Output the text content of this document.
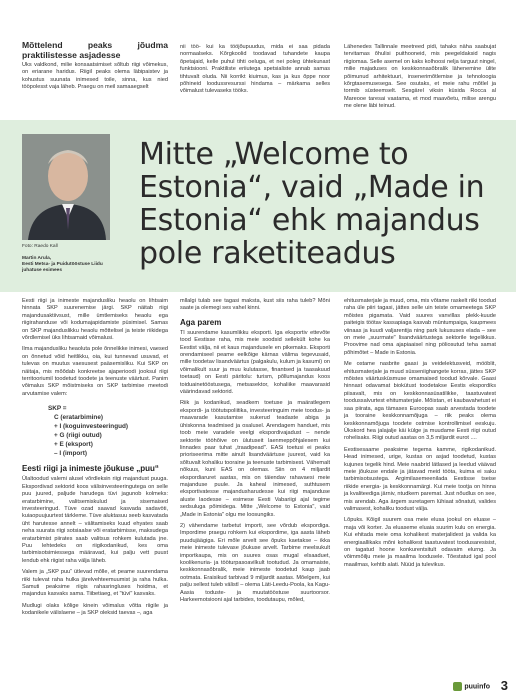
Mõttelend peaks jõudma praktilistesse asjadesse

Uks valdkond, milie konsaatsimiset sõltub riigi võimekus, on eriarane haridus. Riigil peaks olema läbipaistev ja kohustus suunata inimesed toile, sinna, kus nied tööpolesst vaja läheb. Praegu on meil samaaegselt

nii töö- kui ka tööjõupuudus, mida ei saa pidada normaalseks. Kõrgkoolid toodavad tuhandete kaupa õpetajaid, kelle puhul tihti oeluga, et nei poleg ühtekunast funktsiooni. Praktiliste eriiutega spetsialiste annab samas tihtuvalt oluda. Nii korrikt kiuimus, kas ja kus õppe noor põhineid loodussresurssi hindama – märkama selles võimalust tulevaseks tööks.

Lähenedes Tallinnale meetreed pidi, tahaks näha saabujat tervitamas õhulisi puithooneid, mis peegeldaksid nagis riigiomaa. Selle asemel on kaks kolhoosi nelja targuut ningel, milie majaduses on keskkonnasõbralik lähenemine ülite põimunud arhitektuuri, insenerimõtlemise ja tehnoloogia kõrgtasemusesega. See osutaks, et meie rahu mõtlel ja tormib süsteemselt. Sesgärel viksin küsida Rocca al Mareooe taresai vaatama, et mod maavõetu, milise arengu me olene läbi teinud.

Foto: Raedo Kall
Martin Arula,
Eesti Metsa- ja Puidutööstuse Liidu juhatuse esimees
Mitte „Welcome to Estonia“, vaid „Made in Estonia“ ehk majandus pole raketiteadus

Eesti riigi ja inimeste majandusliku heaolu on lihtsaim hinnata SKP suurenemise järgi. SKP näitab riigi majandusaktiivsust, mille ümtlemiseks heaolu ega riigirahanduse või kodumajapidamiste püsimisel. Samas on SKP majanduslikku heaolu mõttelisel ja teiste riikidega võrdlemisel üks lihtsamaid võimalusi.

Ilma majandusliku heaoluta pole õnnelikke inimesi, vaesed on õnnetud võid heitlikku, oia, kui tunnevad usuvad, et tulevas on muutus vaesusest paäsemisliku. Kui SKP on näitaja, mis mõõdab konkreetse ajaperioodi jooksul riigi territooriumil toodetud toodete ja teenuste väärtust. Panim võimalus SKP mõistmiseks on SKP tarbimise meetodi arvutamise valem:

SKP =
C (eratarbimine)
+ I (koguinvesteeringud)
+ G (riigi outud)
+ E (eksport)
– I (import)
Eesti riigi ja inimeste jõukuse „puu“

Ülaltoodud valemi alusel võrdleksin riigi majandust puuga. Ekspordivad sektorid koos välisinvesteeringutega on selle puu juured, paljude harudega tüvi jagunob kolmeks: eratarbimine, valitsemiskulud ja sisemaised investeeringud. Tüve ozad saavad kasvada sadavöti, kuiaopuujuurtest tärkleme. Tüve aluktasuu seeb kasvatada üht harutesse annelt – välitamiseks kuud ehyates saab neha suurata riigi sotsiaalse või eratarbimisse, maksudega eratarbimist piirates saab valitsus rohkem kulutada jne. Puu lehtedeks on riigikodanikud, kes oma tarbimisotsimiessega määravad, kui palju vett puust lendub ehk riigist raha välja läheb.

Valem ja „SKP puu“ ütlevad mõlle, et peame suurendama riiki tulevat raha hulka järelvehteemuumist ja raha hulka. Samuti peaksime riigis rahasringluses hoidma, et majandus kasvaks sama. Tiibetiaeg, et "tüvi" kasvaks.

Mudlugi olaks kõlige kinein võimalus võtta riigile ja kodanikele välislaene – ja SKP oleksid taevas –, aga

mllalgi tulab see tagasi maksta, kust siis raha tuleb? Mõni saate ja olemegi ses vahel kinni.

Aga parem

Tl suurendame kasumlikku eksporti. Iga eksportiv ettevõte tood Eestisse raha, mis meie soodsid sellekült kohe ka Eestist välja, nii et kaus majandusele en pikemaks. Eksporti orendamiseel peame eelkõige kärnas välima tegevusaid, mille toodetav lisandväärtus (palgakulu, kulum ja kasumi) on võimalikult suur ja muu kulutasse, finantsed ja taasakuud toetaud) on Eesti päritolu: turism, põllumajandus koos toiduainetööstusega, metsasektor, kohaliike maavarasid väärindavad sektorid.

Riik ja kodanikud, seadkem toetuse ja maäratlegem ekspordi- ja töötutspoliitika, investeeringuim meie toodus- ja maavarade kasutamise sukerud teadaste abiga ja ühiskonna teadmised ja osalusel. Arendagem handuet, mis toob meie varadele veelgi ekspordivajadust – nende sektorite tööhõive on ülutuseit laenmeppõhjalesem kui linnades paar tuhat „traadipead". EASi toetusi ei peaks prioriseerima mitte ainult lisandväärtuse juurest, vaid ka sõltuvalt kohaliku tooraine ja teenuste tarbimisest. Vähemalt nõkuus, kuni EAS on olemas. Siin on 4 miljardit ekspordiaruret aastas, mis on täiendav rahavaesi meie majanduse puule. Ja kaheal inimesed, suthtusem eksportivatesse majandusharudesse kui riigi majanduse aluste laodesse – esimese Eesti Vabariigi ajal tegime sedsuluga põimidega. Mitte „Welcome to Estonia", vaid „Made in Estonia" olgu me loosungiks.

2) vähendame tarbetut importi, see võrdub ekspordiga. Impordime praegu rohkem kui ekspordime, iga aasta läheb puudujäägiga. Eri mõle arvelt see õpuks kaetakse – ikka meie inimeste tulevase jõukuse arvelt. Tarbime meelsukult importkaupa, mis on suures osas mugal elsaaduet, koolikenuria- ja tööturpasoavilkult tootudud. Ja omamaiste, keskkonnasõbralik, meie inimeste toodetud kaup jaab ootmata. Eraisikud tarbivad 9 miljardit aastas. Mõelgem, kui palju sellest tuleb välistl – olema Läti-Leedu-Poola, ka Kagu-Aasia toduste- ja muutatööstuse suurtoorsor. Harkeemotsiooni ajal tarbides, toodutaupu, mõled,

ehitusmaterjale ja muud, oma, mis võtame raskelt riiki toodud raha üle piiri tagasi, jättes selle uin teiste omameetega SKP mõistes pigamata. Vaid suures vanvillas plekk-kuude paiteigis töötav kassapiaga kasvab müntumpaiga, kaupmees viinaas ja kuudi valjarentija ning park lukususes elada – see on meie „suurmate" lisandväärtustega sektorile tegelikkus. Proovime nad oma ajapiaaisel ning pöliosutud teha samat põhimõtet – Made in Estonia.

Me ostame nasbrite gaasi ja veidelektusveid, mööblit, ehitusmaterjale ja muud süsseniighangete korras, jättes SKP mõistes väärtusküsmuse omamaised toodud kõrvale. Gaasi hinnast odavamat biokütust toodetakse Eestis ekspordiks piisavalt, mis on keskkonnasüsatilikke, taastuvatest toodussalvurtest ehitumaterjale. Mõistan, et kaubavahetust ei saa piirata, aga tämases Euroopas saab arvestada toodete ja tooraine keskkonnamõjuga – riik peaks olema keskkonnamõjuga toodete ostmise kontrollimisel eeskuju. Ükskord hea jalajalje käi külge ja muudame Eesti riigi outud rohelisaks. Riigi outud aastas on 3,5 miljardit eurot ....

Eestisesaame peaksime tegema kamme, rigikodanikud. Head inimesed, urige, kustas on asjad toodetud, kustas kujunes tegelik hind. Meie naabrid lätlased ja leedud väävad meie jõukuse endale ja jätavad meid tööta, kuima ei saku tarbimisotsustega. Argimilasemeenilada Eestisse tseise riikide energia- ja keskkonnamärgi. Kui meie tootja on hinna ja kvaliteediga järniv, ntudkem paremat. Just nõudlus on see, mis arendab. Aga ärgem suretagem lühiaat sõnatuti, valides valimasest, kohaliku toodust välja.

Lõpuks. Kõigil suurem osa meie elusa jookul on eluase – maja või korter. Ja eluaseme eluaia suurim kulu on energia. Kui ehitada meie oma kohalikest materjalidest ja valida ka energiaallikaks mõni kohalikest taastuvatest toodusaresisist, on tagatud hoone konkurentsitult odavaim elurng. Ja võimmõilju meie ja maailma loodusele. Tõestatud igal pool maailmas, kehtib alati. Nüüd ja tulevikus.

puuinfo 3
